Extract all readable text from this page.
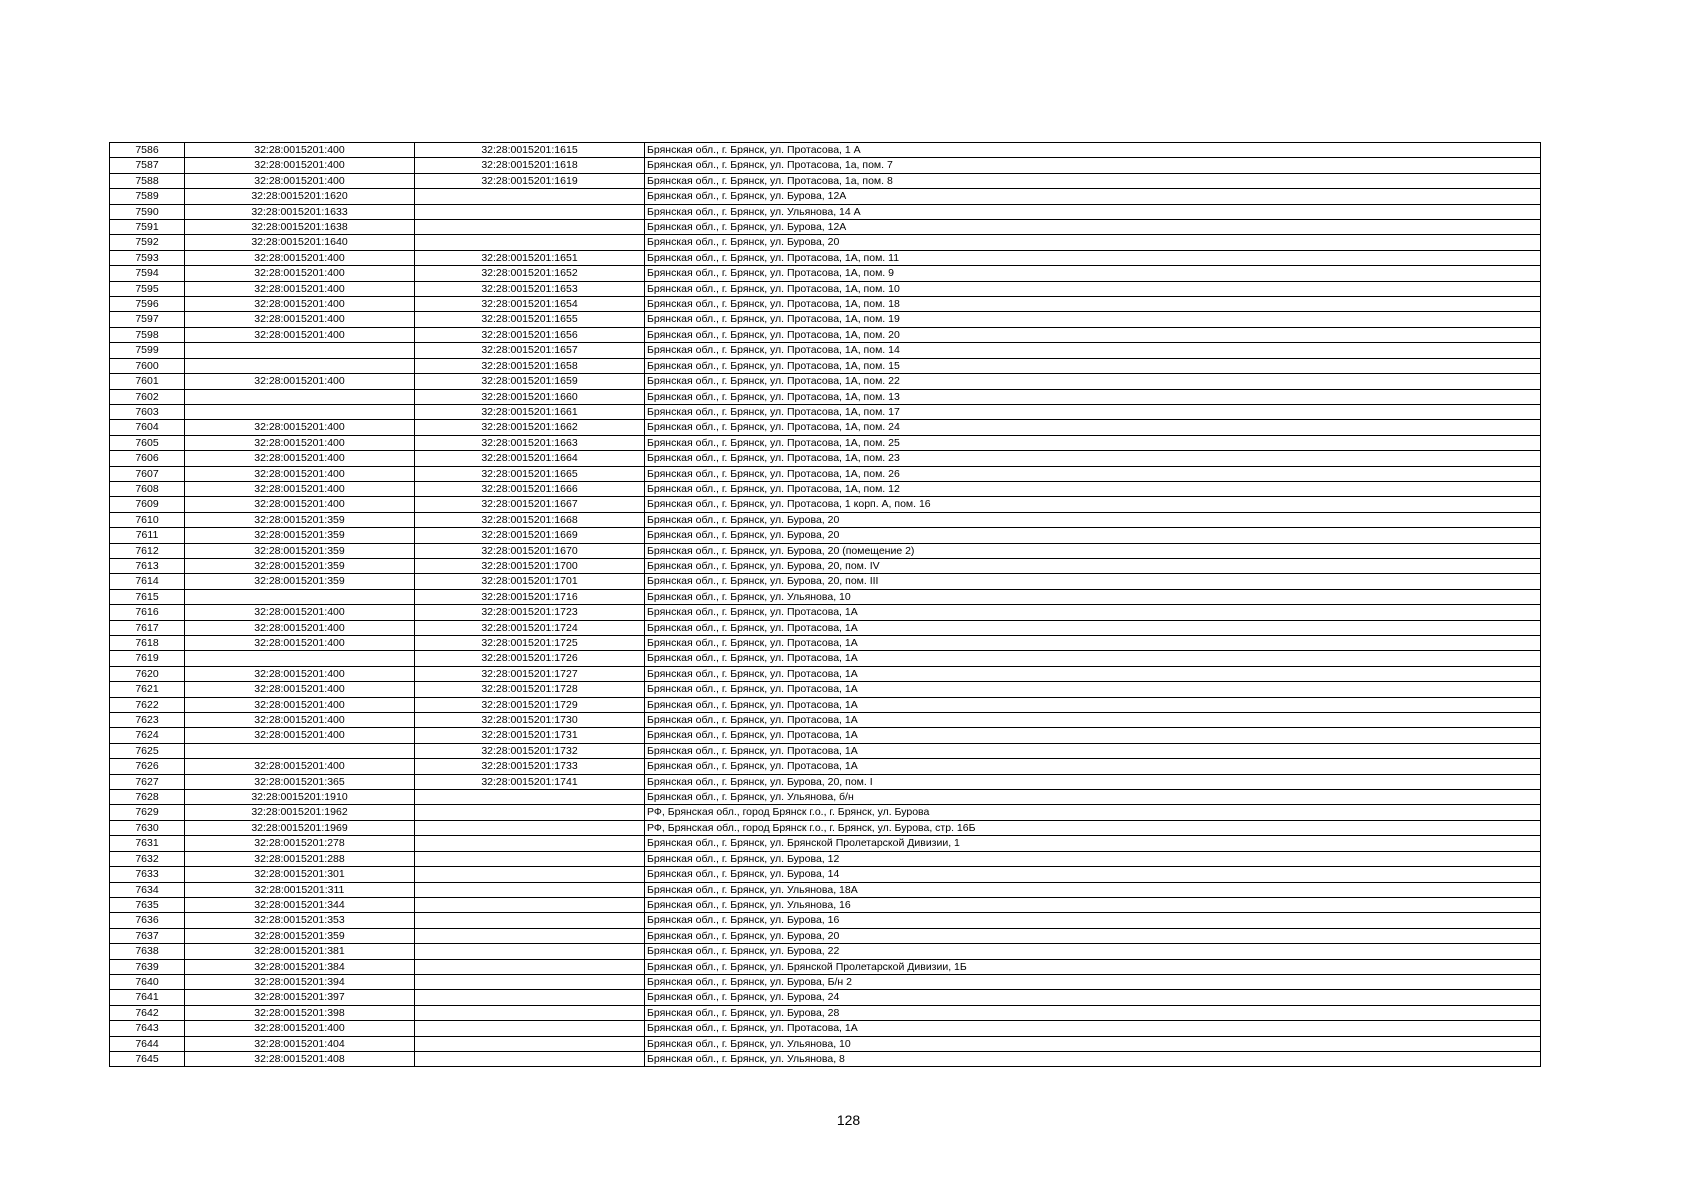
7586	32:28:0015201:400	32:28:0015201:1615	Брянская обл., г. Брянск, ул. Протасова, 1 А
7587	32:28:0015201:400	32:28:0015201:1618	Брянская обл., г. Брянск, ул. Протасова, 1а, пом. 7
7588	32:28:0015201:400	32:28:0015201:1619	Брянская обл., г. Брянск, ул. Протасова, 1а, пом. 8
7589	32:28:0015201:1620		Брянская обл., г. Брянск, ул. Бурова, 12А
7590	32:28:0015201:1633		Брянская обл., г. Брянск, ул. Ульянова, 14 А
7591	32:28:0015201:1638		Брянская обл., г. Брянск, ул. Бурова, 12А
7592	32:28:0015201:1640		Брянская обл., г. Брянск, ул. Бурова, 20
7593	32:28:0015201:400	32:28:0015201:1651	Брянская обл., г. Брянск, ул. Протасова, 1А, пом. 11
7594	32:28:0015201:400	32:28:0015201:1652	Брянская обл., г. Брянск, ул. Протасова, 1А, пом. 9
7595	32:28:0015201:400	32:28:0015201:1653	Брянская обл., г. Брянск, ул. Протасова, 1А, пом. 10
7596	32:28:0015201:400	32:28:0015201:1654	Брянская обл., г. Брянск, ул. Протасова, 1А, пом. 18
7597	32:28:0015201:400	32:28:0015201:1655	Брянская обл., г. Брянск, ул. Протасова, 1А, пом. 19
7598	32:28:0015201:400	32:28:0015201:1656	Брянская обл., г. Брянск, ул. Протасова, 1А, пом. 20
7599		32:28:0015201:1657	Брянская обл., г. Брянск, ул. Протасова, 1А, пом. 14
7600		32:28:0015201:1658	Брянская обл., г. Брянск, ул. Протасова, 1А, пом. 15
7601	32:28:0015201:400	32:28:0015201:1659	Брянская обл., г. Брянск, ул. Протасова, 1А, пом. 22
7602		32:28:0015201:1660	Брянская обл., г. Брянск, ул. Протасова, 1А, пом. 13
7603		32:28:0015201:1661	Брянская обл., г. Брянск, ул. Протасова, 1А, пом. 17
7604	32:28:0015201:400	32:28:0015201:1662	Брянская обл., г. Брянск, ул. Протасова, 1А, пом. 24
7605	32:28:0015201:400	32:28:0015201:1663	Брянская обл., г. Брянск, ул. Протасова, 1А, пом. 25
7606	32:28:0015201:400	32:28:0015201:1664	Брянская обл., г. Брянск, ул. Протасова, 1А, пом. 23
7607	32:28:0015201:400	32:28:0015201:1665	Брянская обл., г. Брянск, ул. Протасова, 1А, пом. 26
7608	32:28:0015201:400	32:28:0015201:1666	Брянская обл., г. Брянск, ул. Протасова, 1А, пом. 12
7609	32:28:0015201:400	32:28:0015201:1667	Брянская обл., г. Брянск, ул. Протасова, 1 корп. А, пом. 16
7610	32:28:0015201:359	32:28:0015201:1668	Брянская обл., г. Брянск, ул. Бурова, 20
7611	32:28:0015201:359	32:28:0015201:1669	Брянская обл., г. Брянск, ул. Бурова, 20
7612	32:28:0015201:359	32:28:0015201:1670	Брянская обл., г. Брянск, ул. Бурова, 20 (помещение 2)
7613	32:28:0015201:359	32:28:0015201:1700	Брянская обл., г. Брянск, ул. Бурова, 20, пом. IV
7614	32:28:0015201:359	32:28:0015201:1701	Брянская обл., г. Брянск, ул. Бурова, 20, пом. III
7615		32:28:0015201:1716	Брянская обл., г. Брянск, ул. Ульянова, 10
7616	32:28:0015201:400	32:28:0015201:1723	Брянская обл., г. Брянск, ул. Протасова, 1А
7617	32:28:0015201:400	32:28:0015201:1724	Брянская обл., г. Брянск, ул. Протасова, 1А
7618	32:28:0015201:400	32:28:0015201:1725	Брянская обл., г. Брянск, ул. Протасова, 1А
7619		32:28:0015201:1726	Брянская обл., г. Брянск, ул. Протасова, 1А
7620	32:28:0015201:400	32:28:0015201:1727	Брянская обл., г. Брянск, ул. Протасова, 1А
7621	32:28:0015201:400	32:28:0015201:1728	Брянская обл., г. Брянск, ул. Протасова, 1А
7622	32:28:0015201:400	32:28:0015201:1729	Брянская обл., г. Брянск, ул. Протасова, 1А
7623	32:28:0015201:400	32:28:0015201:1730	Брянская обл., г. Брянск, ул. Протасова, 1А
7624	32:28:0015201:400	32:28:0015201:1731	Брянская обл., г. Брянск, ул. Протасова, 1А
7625		32:28:0015201:1732	Брянская обл., г. Брянск, ул. Протасова, 1А
7626	32:28:0015201:400	32:28:0015201:1733	Брянская обл., г. Брянск, ул. Протасова, 1А
7627	32:28:0015201:365	32:28:0015201:1741	Брянская обл., г. Брянск, ул. Бурова, 20, пом. I
7628	32:28:0015201:1910		Брянская обл., г. Брянск, ул. Ульянова, б/н
7629	32:28:0015201:1962		РФ, Брянская обл., город Брянск г.о., г. Брянск, ул. Бурова
7630	32:28:0015201:1969		РФ, Брянская обл., город Брянск г.о., г. Брянск, ул. Бурова, стр. 16Б
7631	32:28:0015201:278		Брянская обл., г. Брянск, ул. Брянской Пролетарской Дивизии, 1
7632	32:28:0015201:288		Брянская обл., г. Брянск, ул. Бурова, 12
7633	32:28:0015201:301		Брянская обл., г. Брянск, ул. Бурова, 14
7634	32:28:0015201:311		Брянская обл., г. Брянск, ул. Ульянова, 18А
7635	32:28:0015201:344		Брянская обл., г. Брянск, ул. Ульянова, 16
7636	32:28:0015201:353		Брянская обл., г. Брянск, ул. Бурова, 16
7637	32:28:0015201:359		Брянская обл., г. Брянск, ул. Бурова, 20
7638	32:28:0015201:381		Брянская обл., г. Брянск, ул. Бурова, 22
7639	32:28:0015201:384		Брянская обл., г. Брянск, ул. Брянской Пролетарской Дивизии, 1Б
7640	32:28:0015201:394		Брянская обл., г. Брянск, ул. Бурова, Б/н 2
7641	32:28:0015201:397		Брянская обл., г. Брянск, ул. Бурова, 24
7642	32:28:0015201:398		Брянская обл., г. Брянск, ул. Бурова, 28
7643	32:28:0015201:400		Брянская обл., г. Брянск, ул. Протасова, 1А
7644	32:28:0015201:404		Брянская обл., г. Брянск, ул. Ульянова, 10
7645	32:28:0015201:408		Брянская обл., г. Брянск, ул. Ульянова, 8
128
